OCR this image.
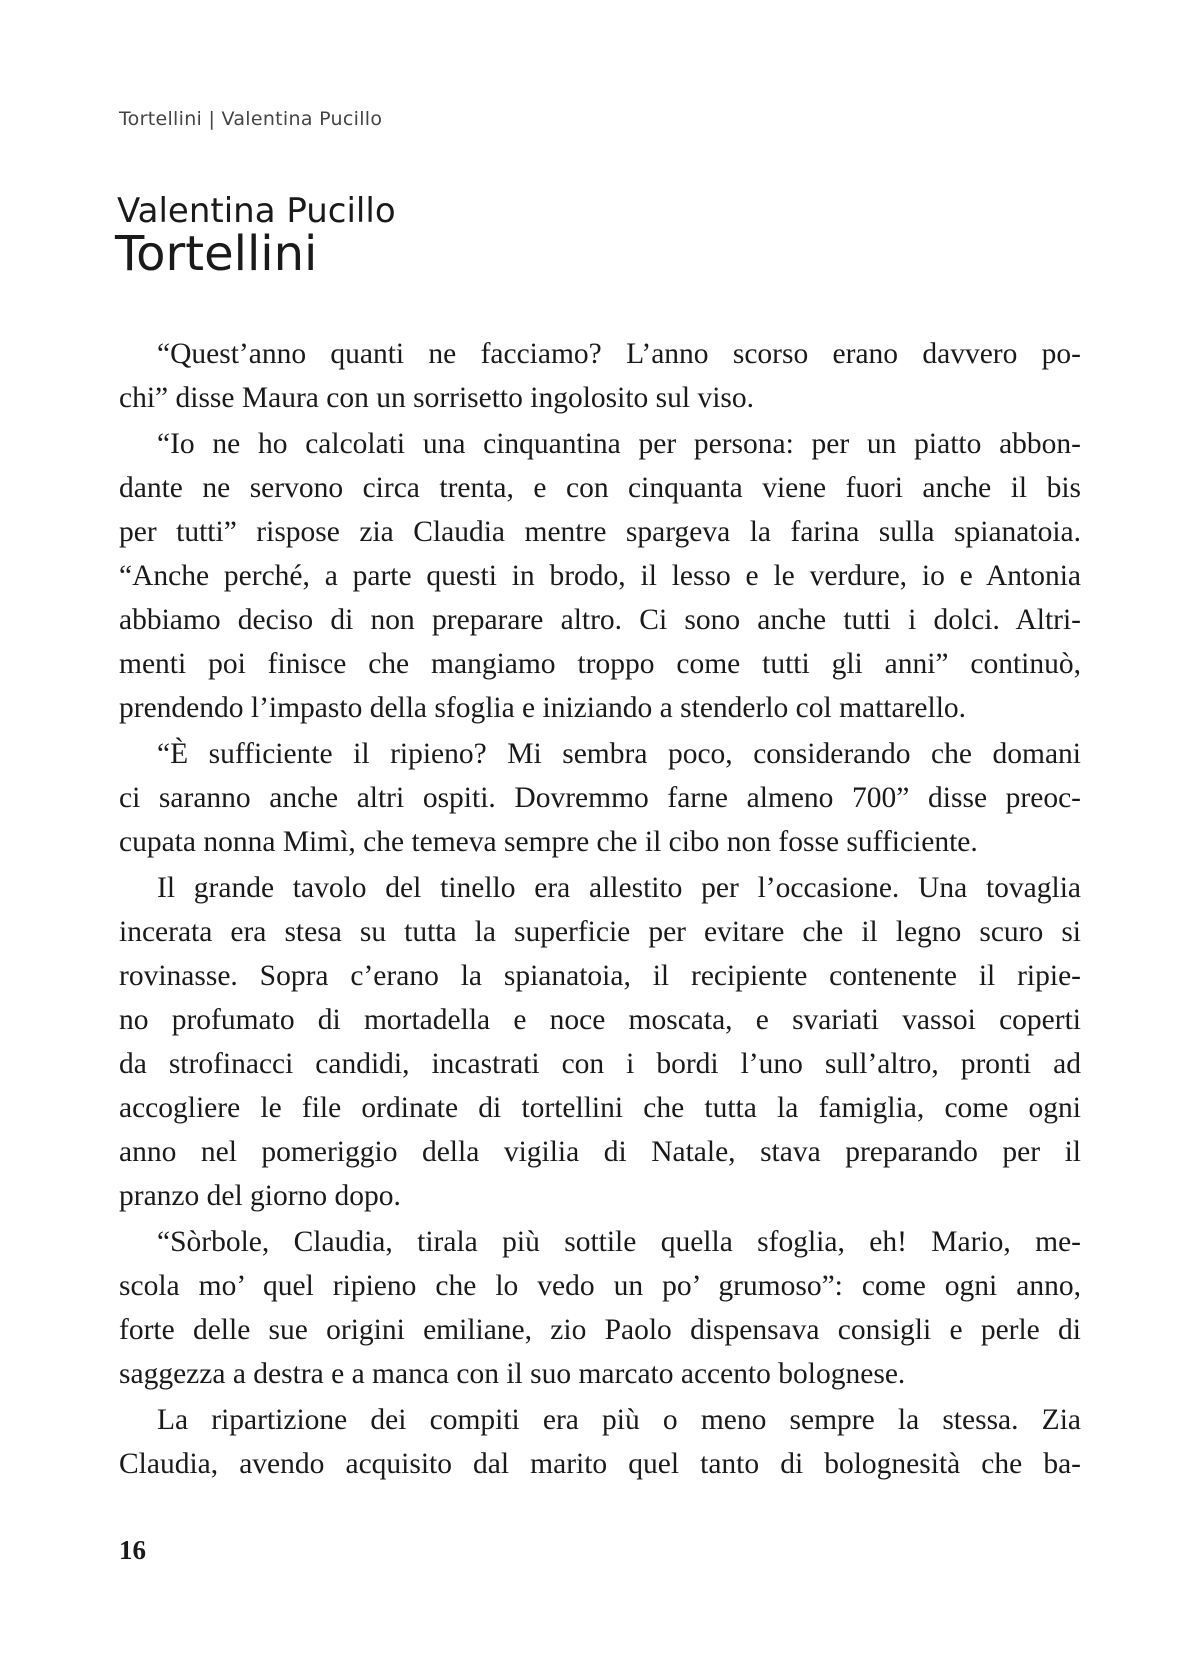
Tortellini | Valentina Pucillo
Valentina Pucillo
Tortellini
“Quest’anno quanti ne facciamo? L’anno scorso erano davvero po-
chi” disse Maura con un sorrisetto ingolosito sul viso.
“Io ne ho calcolati una cinquantina per persona: per un piatto abbon-
dante ne servono circa trenta, e con cinquanta viene fuori anche il bis
per tutti” rispose zia Claudia mentre spargeva la farina sulla spianatoia.
“Anche perché, a parte questi in brodo, il lesso e le verdure, io e Antonia
abbiamo deciso di non preparare altro. Ci sono anche tutti i dolci. Altri-
menti poi finisce che mangiamo troppo come tutti gli anni” continuò,
prendendo l’impasto della sfoglia e iniziando a stenderlo col mattarello.
“È sufficiente il ripieno? Mi sembra poco, considerando che domani
ci saranno anche altri ospiti. Dovremmo farne almeno 700” disse preoc-
cupata nonna Mimì, che temeva sempre che il cibo non fosse sufficiente.
Il grande tavolo del tinello era allestito per l’occasione. Una tovaglia
incerata era stesa su tutta la superficie per evitare che il legno scuro si
rovinasse. Sopra c’erano la spianatoia, il recipiente contenente il ripie-
no profumato di mortadella e noce moscata, e svariati vassoi coperti
da strofinacci candidi, incastrati con i bordi l’uno sull’altro, pronti ad
accogliere le file ordinate di tortellini che tutta la famiglia, come ogni
anno nel pomeriggio della vigilia di Natale, stava preparando per il
pranzo del giorno dopo.
“Sòrbole, Claudia, tirala più sottile quella sfoglia, eh! Mario, me-
scola mo’ quel ripieno che lo vedo un po’ grumoso”: come ogni anno,
forte delle sue origini emiliane, zio Paolo dispensava consigli e perle di
saggezza a destra e a manca con il suo marcato accento bolognese.
La ripartizione dei compiti era più o meno sempre la stessa. Zia
Claudia, avendo acquisito dal marito quel tanto di bolognesità che ba-
16
